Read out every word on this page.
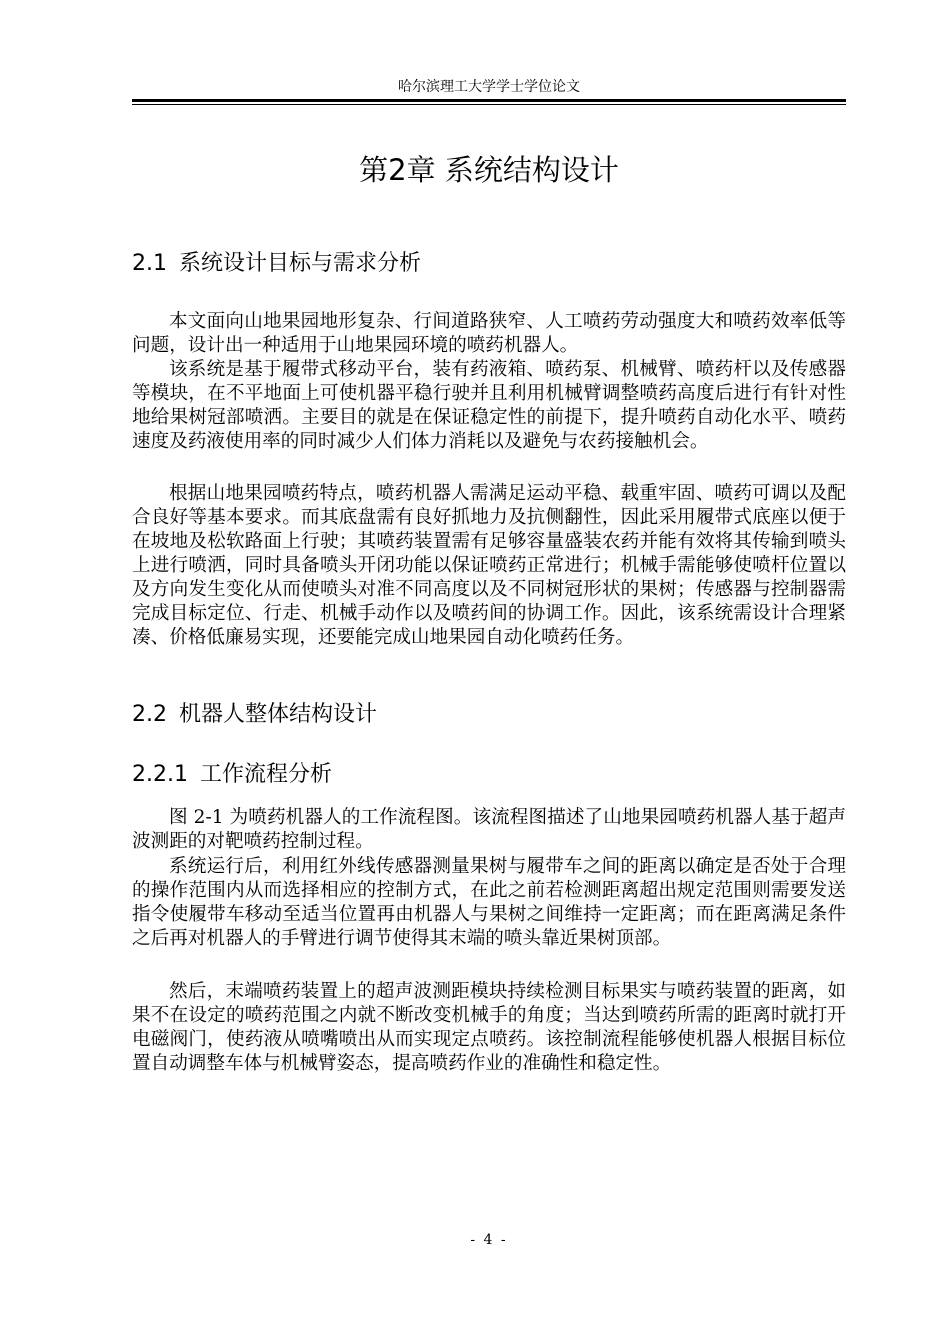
哈尔滨理工大学学士学位论文
第2章 系统结构设计
2.1 系统设计目标与需求分析

本文面向山地果园地形复杂、行间道路狭窄、人工喷药劳动强度大和喷药效率低等问题，设计出一种适用于山地果园环境的喷药机器人。

该系统是基于履带式移动平台，装有药液箱、喷药泵、机械臂、喷药杆以及传感器等模块，在不平地面上可使机器平稳行驶并且利用机械臂调整喷药高度后进行有针对性地给果树冠部喷洒。主要目的就是在保证稳定性的前提下，提升喷药自动化水平、喷药速度及药液使用率的同时减少人们体力消耗以及避免与农药接触机会。

根据山地果园喷药特点，喷药机器人需满足运动平稳、载重牢固、喷药可调以及配合良好等基本要求。而其底盘需有良好抓地力及抗侧翻性，因此采用履带式底座以便于在坡地及松软路面上行驶；其喷药装置需有足够容量盛装农药并能有效将其传输到喷头上进行喷洒，同时具备喷头开闭功能以保证喷药正常进行；机械手需能够使喷杆位置以及方向发生变化从而使喷头对准不同高度以及不同树冠形状的果树；传感器与控制器需完成目标定位、行走、机械手动作以及喷药间的协调工作。因此，该系统需设计合理紧凑、价格低廉易实现，还要能完成山地果园自动化喷药任务。

2.2 机器人整体结构设计
2.2.1 工作流程分析

图 2-1 为喷药机器人的工作流程图。该流程图描述了山地果园喷药机器人基于超声波测距的对靶喷药控制过程。

系统运行后，利用红外线传感器测量果树与履带车之间的距离以确定是否处于合理的操作范围内从而选择相应的控制方式，在此之前若检测距离超出规定范围则需要发送指令使履带车移动至适当位置再由机器人与果树之间维持一定距离；而在距离满足条件之后再对机器人的手臂进行调节使得其末端的喷头靠近果树顶部。

然后，末端喷药装置上的超声波测距模块持续检测目标果实与喷药装置的距离，如果不在设定的喷药范围之内就不断改变机械手的角度；当达到喷药所需的距离时就打开电磁阀门，使药液从喷嘴喷出从而实现定点喷药。该控制流程能够使机器人根据目标位置自动调整车体与机械臂姿态，提高喷药作业的准确性和稳定性。

- 4 -
